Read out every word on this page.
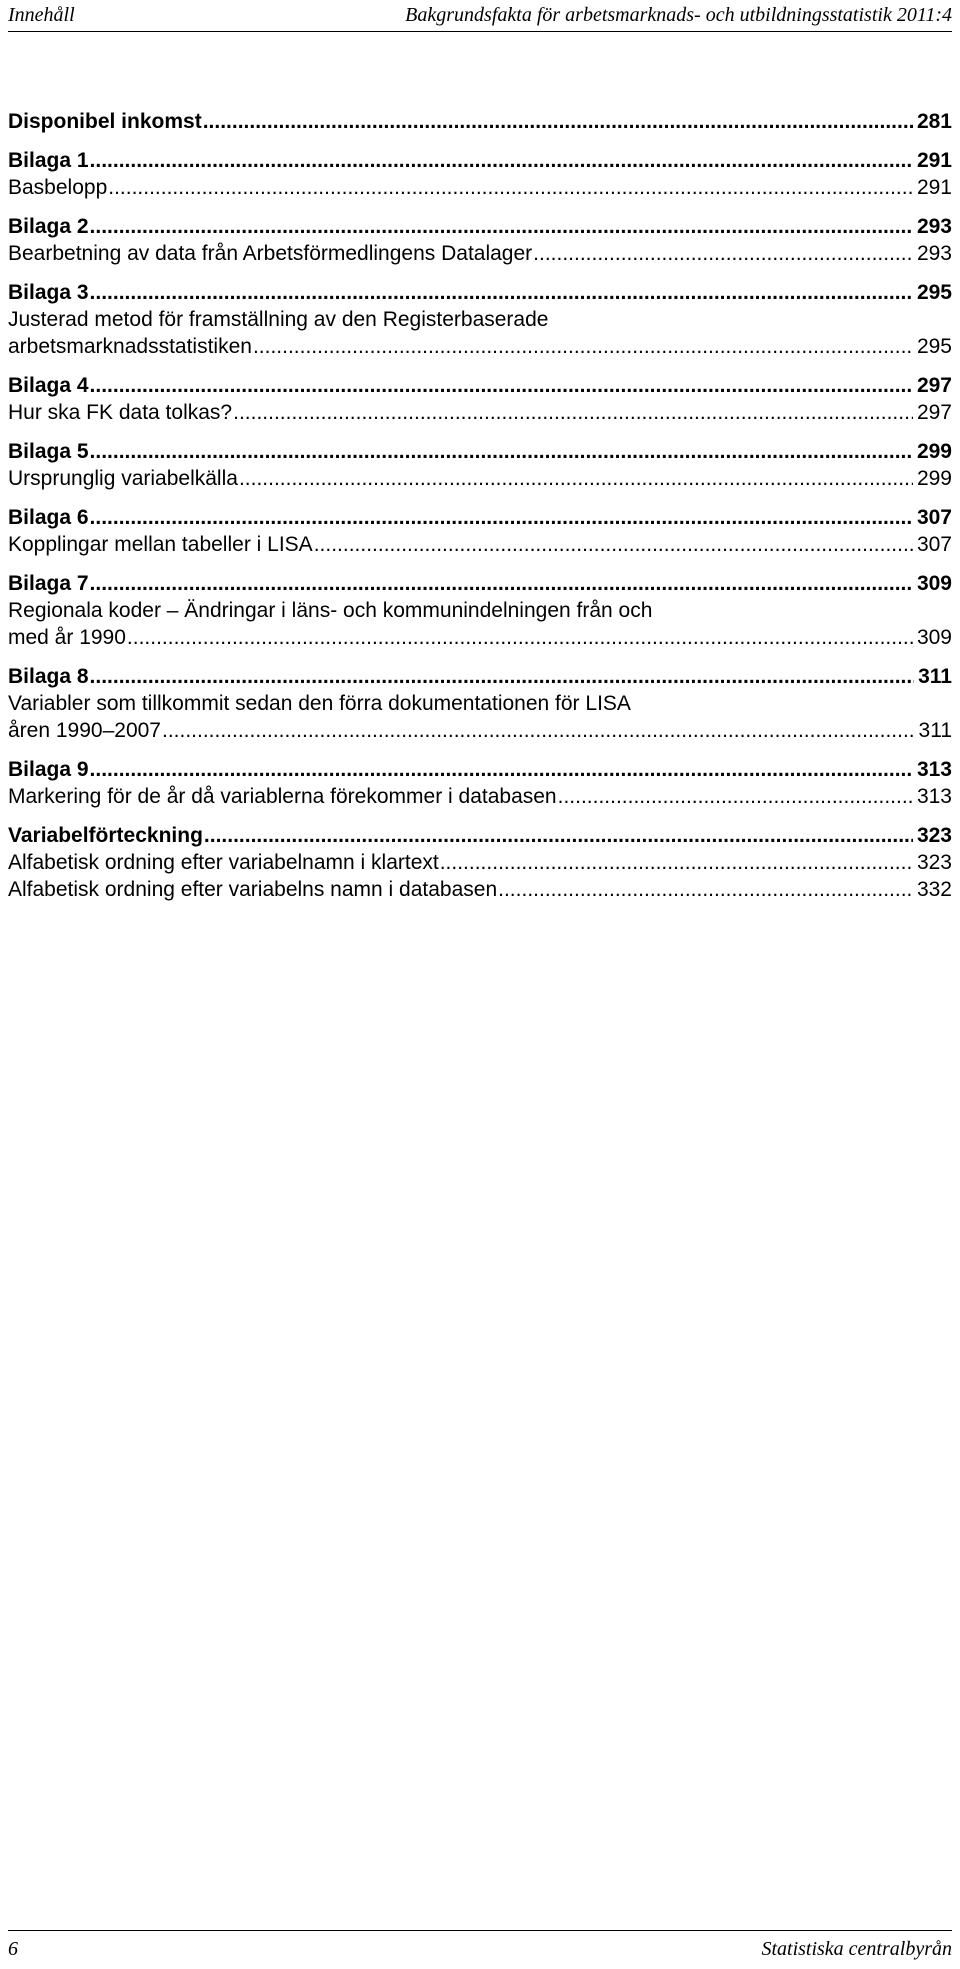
Innehåll	Bakgrundsfakta för arbetsmarknads- och utbildningsstatistik 2011:4
Disponibel inkomst .....	281
Bilaga 1 .....	291
Basbelopp .....	291
Bilaga 2 .....	293
Bearbetning av data från Arbetsförmedlingens Datalager .....	293
Bilaga 3 .....	295
Justerad metod för framställning av den Registerbaserade
arbetsmarknadsstatistiken .....	295
Bilaga 4 .....	297
Hur ska FK data tolkas? .....	297
Bilaga 5 .....	299
Ursprunglig variabelkälla .....	299
Bilaga 6 .....	307
Kopplingar mellan tabeller i LISA .....	307
Bilaga 7 .....	309
Regionala koder – Ändringar i läns- och kommunindelningen från och
med år 1990 .....	309
Bilaga 8 .....	311
Variabler som tillkommit sedan den förra dokumentationen för LISA
åren 1990–2007 .....	311
Bilaga 9 .....	313
Markering för de år då variablerna förekommer i databasen .....	313
Variabelförteckning .....	323
Alfabetisk ordning efter variabelnamn i klartext .....	323
Alfabetisk ordning efter variabelns namn i databasen .....	332
6	Statistiska centralbyrån
